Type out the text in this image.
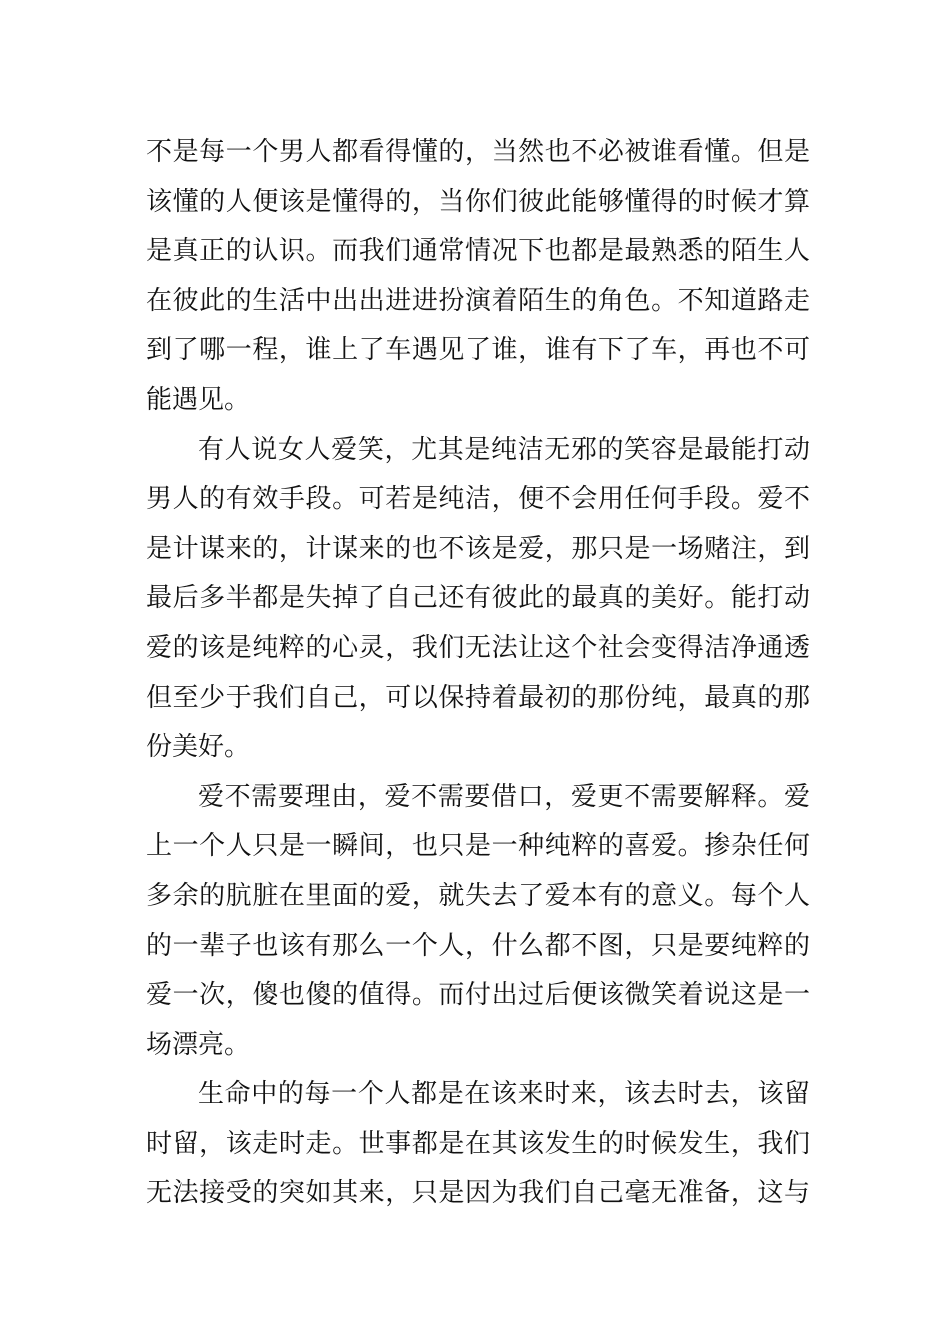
不是每一个男人都看得懂的，当然也不必被谁看懂。但是
该懂的人便该是懂得的，当你们彼此能够懂得的时候才算
是真正的认识。而我们通常情况下也都是最熟悉的陌生人
在彼此的生活中出出进进扮演着陌生的角色。不知道路走
到了哪一程，谁上了车遇见了谁，谁有下了车，再也不可
能遇见。
有人说女人爱笑，尤其是纯洁无邪的笑容是最能打动
男人的有效手段。可若是纯洁，便不会用任何手段。爱不
是计谋来的，计谋来的也不该是爱，那只是一场赌注，到
最后多半都是失掉了自己还有彼此的最真的美好。能打动
爱的该是纯粹的心灵，我们无法让这个社会变得洁净通透
但至少于我们自己，可以保持着最初的那份纯，最真的那
份美好。
爱不需要理由，爱不需要借口，爱更不需要解释。爱
上一个人只是一瞬间，也只是一种纯粹的喜爱。掺杂任何
多余的肮脏在里面的爱，就失去了爱本有的意义。每个人
的一辈子也该有那么一个人，什么都不图，只是要纯粹的
爱一次，傻也傻的值得。而付出过后便该微笑着说这是一
场漂亮。
生命中的每一个人都是在该来时来，该去时去，该留
时留，该走时走。世事都是在其该发生的时候发生，我们
无法接受的突如其来，只是因为我们自己毫无准备，这与
